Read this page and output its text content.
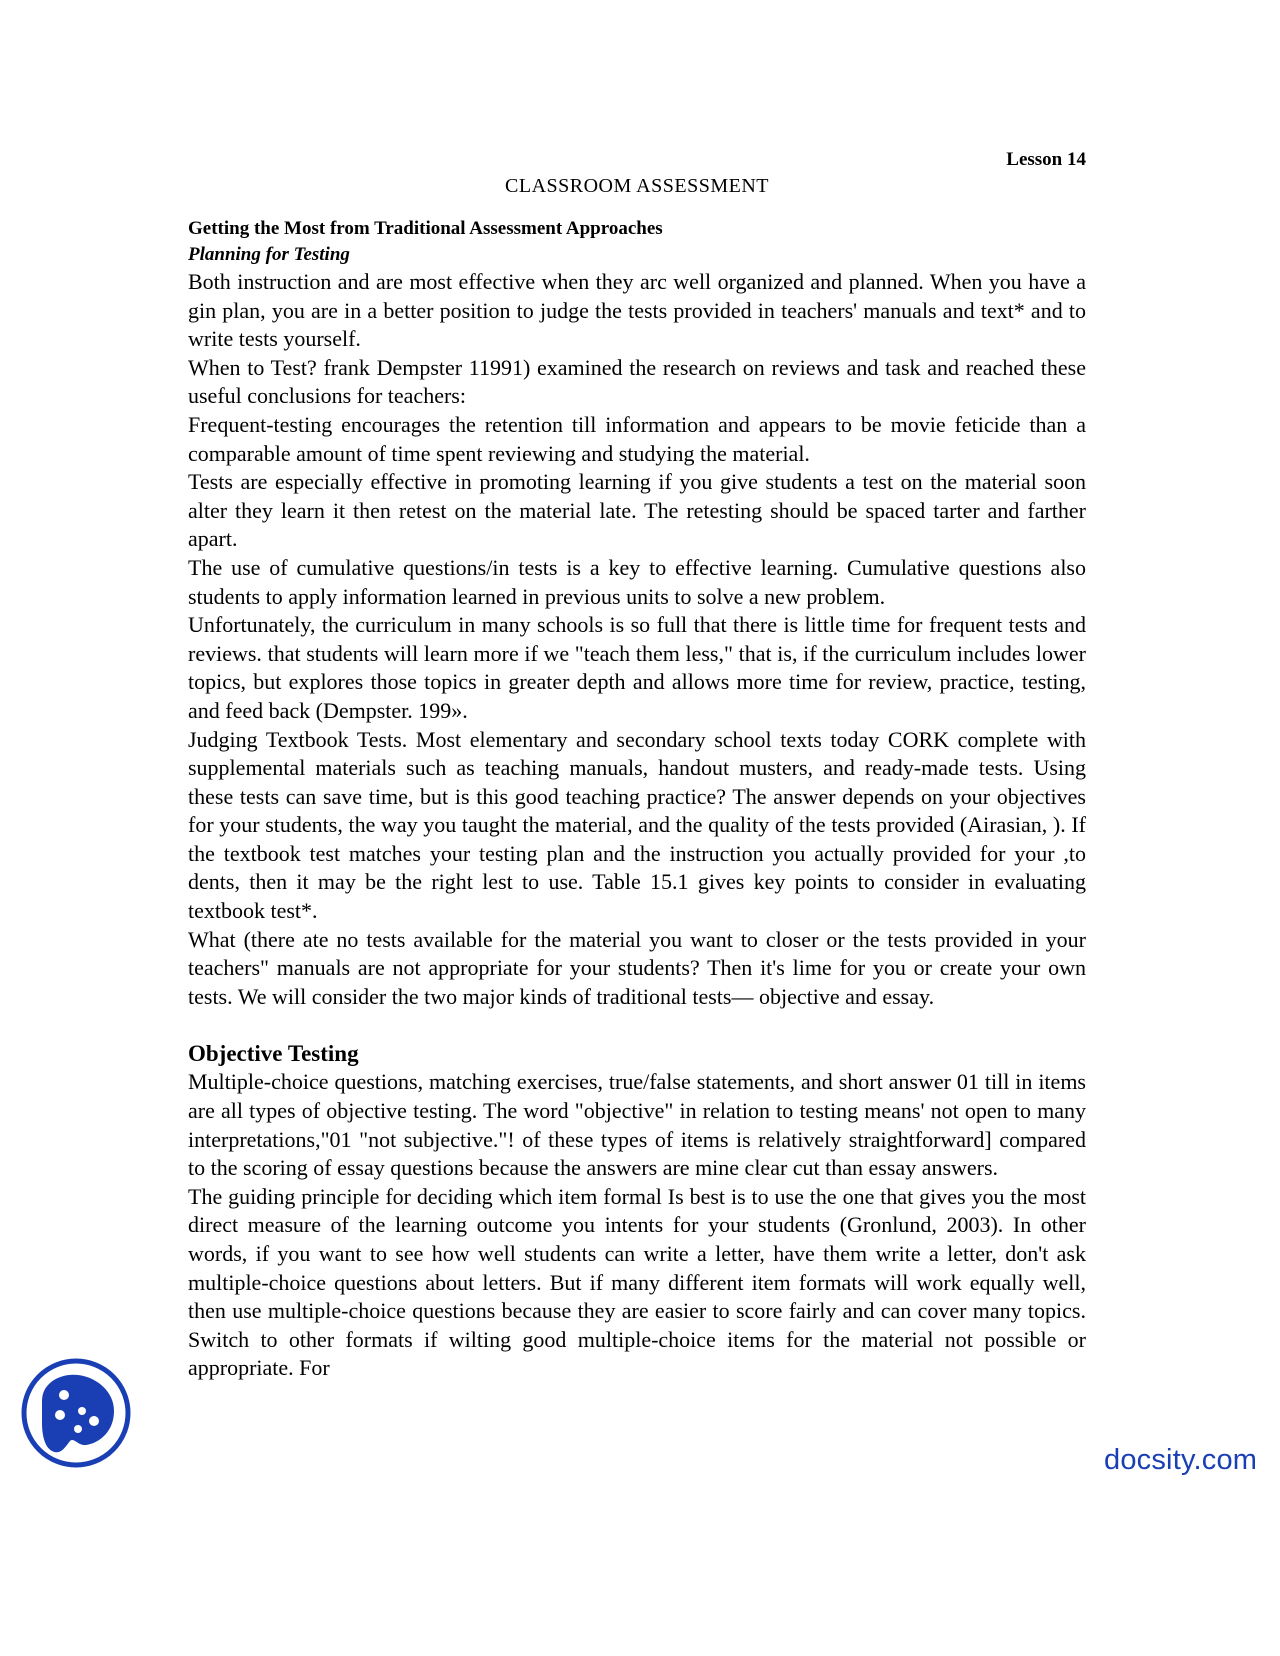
Lesson 14

CLASSROOM ASSESSMENT

Getting the Most from Traditional Assessment Approaches

Planning for Testing

Both instruction and are most effective when they arc well organized and planned. When you have a gin plan, you are in a better position to judge the tests provided in teachers' manuals and text* and to write tests yourself.

When to Test? frank Dempster 11991) examined the research on reviews and task and reached these useful conclusions for teachers:

Frequent-testing encourages the retention till information and appears to be movie feticide than a comparable amount of time spent reviewing and studying the material.

Tests are especially effective in promoting learning if you give students a test on the material soon alter they learn it then retest on the material late. The retesting should be spaced tarter and farther apart.

The use of cumulative questions/in tests is a key to effective learning. Cumulative questions also students to apply information learned in previous units to solve a new problem.

Unfortunately, the curriculum in many schools is so full that there is little time for frequent tests and reviews. that students will learn more if we "teach them less," that is, if the curriculum includes lower topics, but explores those topics in greater depth and allows more time for review, practice, testing, and feed back (Dempster. 199».

Judging Textbook Tests. Most elementary and secondary school texts today CORK complete with supplemental materials such as teaching manuals, handout musters, and ready-made tests. Using these tests can save time, but is this good teaching practice? The answer depends on your objectives for your students, the way you taught the material, and the quality of the tests provided (Airasian, ). If the textbook test matches your testing plan and the instruction you actually provided for your ,to dents, then it may be the right lest to use. Table 15.1 gives key points to consider in evaluating textbook test*.

What (there ate no tests available for the material you want to closer or the tests provided in your teachers" manuals are not appropriate for your students? Then it's lime for you or create your own tests. We will consider the two major kinds of traditional tests— objective and essay.

Objective Testing

Multiple-choice questions, matching exercises, true/false statements, and short answer 01 till in items are all types of objective testing. The word "objective" in relation to testing means' not open to many interpretations,"01 "not subjective."! of these types of items is relatively straightforward] compared to the scoring of essay questions because the answers are mine clear cut than essay answers.

The guiding principle for deciding which item formal Is best is to use the one that gives you the most direct measure of the learning outcome you intents for your students (Gronlund, 2003). In other words, if you want to see how well students can write a letter, have them write a letter, don't ask multiple-choice questions about letters. But if many different item formats will work equally well, then use multiple-choice questions because they are easier to score fairly and can cover many topics. Switch to other formats if wilting good multiple-choice items for the material not possible or appropriate. For

docsity.com
